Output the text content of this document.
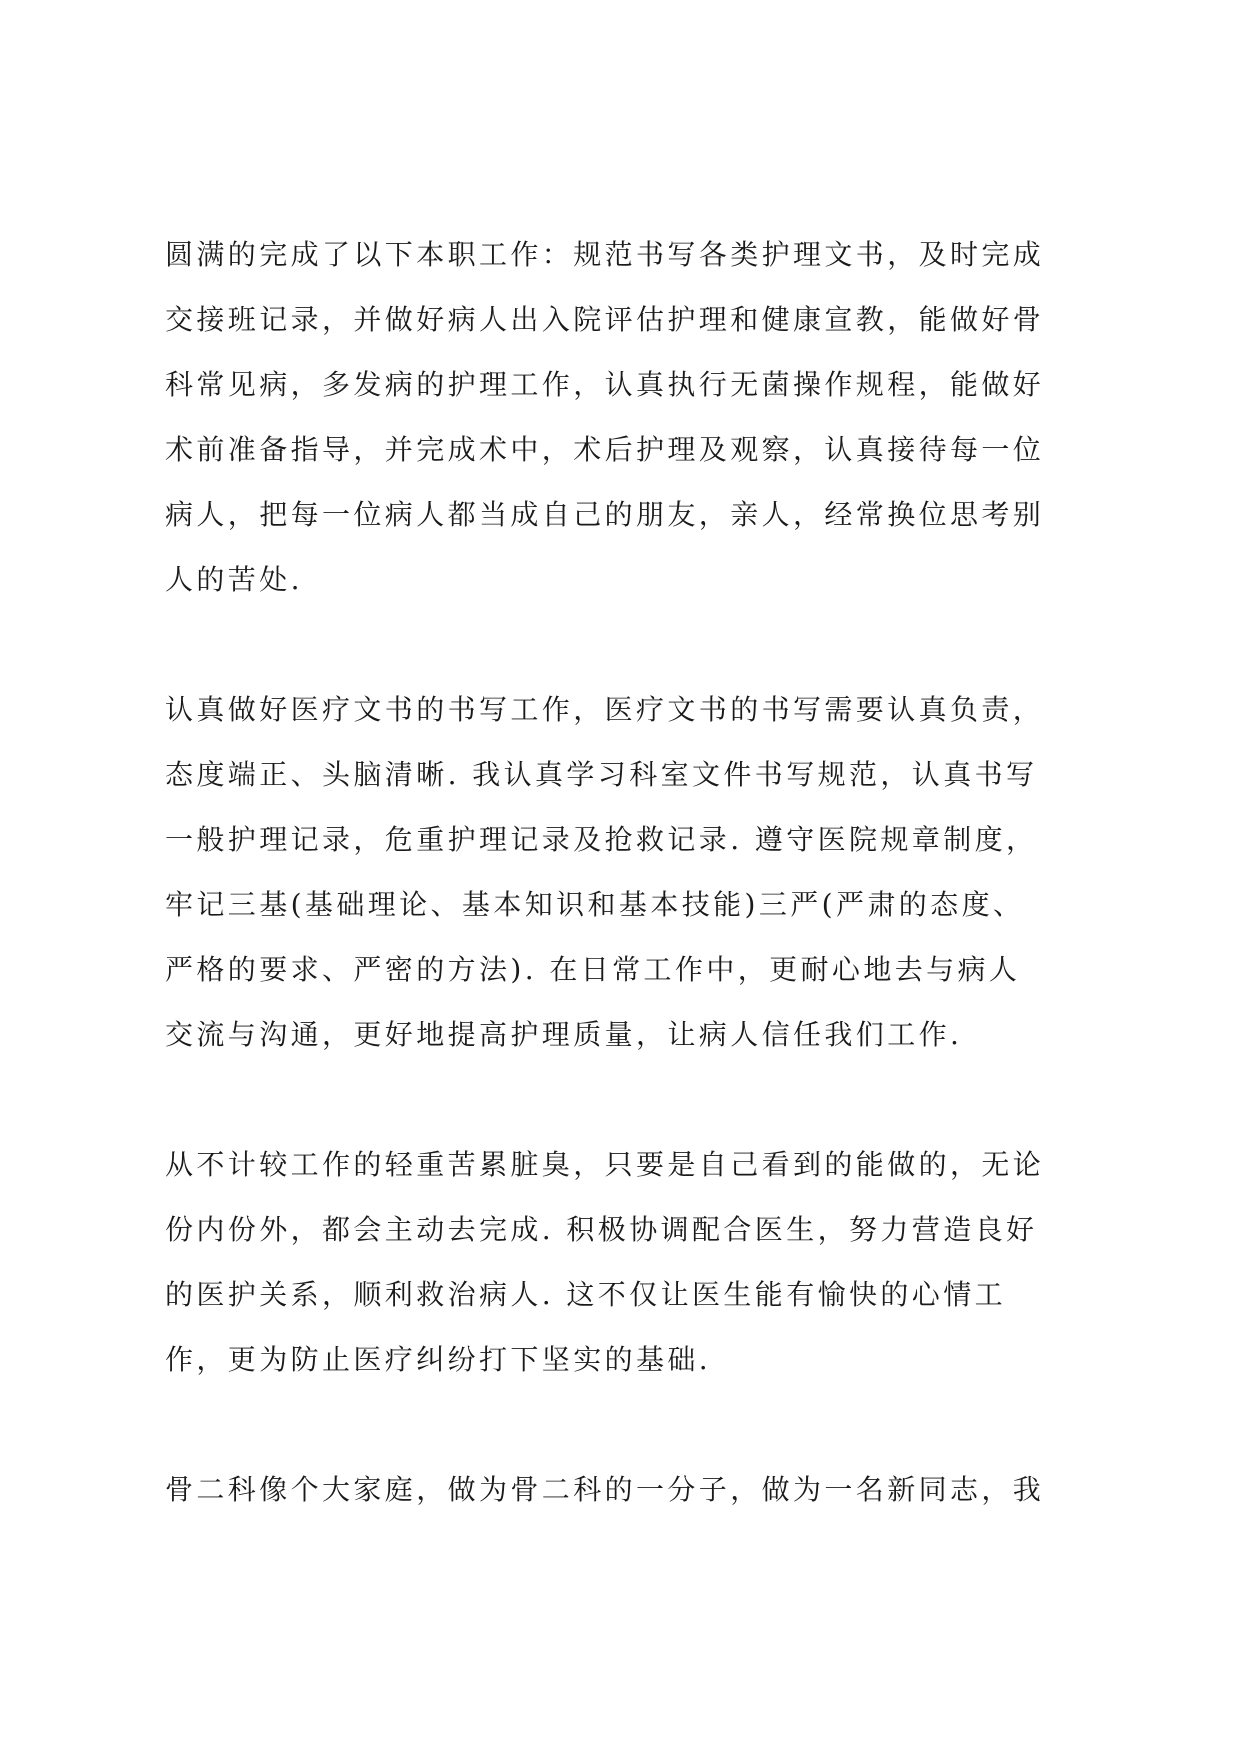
圆满的完成了以下本职工作：规范书写各类护理文书，及时完成
交接班记录，并做好病人出入院评估护理和健康宣教，能做好骨
科常见病，多发病的护理工作，认真执行无菌操作规程，能做好
术前准备指导，并完成术中，术后护理及观察，认真接待每一位
病人，把每一位病人都当成自己的朋友，亲人，经常换位思考别
人的苦处.
认真做好医疗文书的书写工作，医疗文书的书写需要认真负责，
态度端正、头脑清晰. 我认真学习科室文件书写规范，认真书写
一般护理记录，危重护理记录及抢救记录. 遵守医院规章制度，
牢记三基(基础理论、基本知识和基本技能)三严(严肃的态度、
严格的要求、严密的方法). 在日常工作中，更耐心地去与病人
交流与沟通，更好地提高护理质量，让病人信任我们工作.
从不计较工作的轻重苦累脏臭，只要是自己看到的能做的，无论
份内份外，都会主动去完成. 积极协调配合医生，努力营造良好
的医护关系，顺利救治病人. 这不仅让医生能有愉快的心情工
作，更为防止医疗纠纷打下坚实的基础.
骨二科像个大家庭，做为骨二科的一分子，做为一名新同志，我
